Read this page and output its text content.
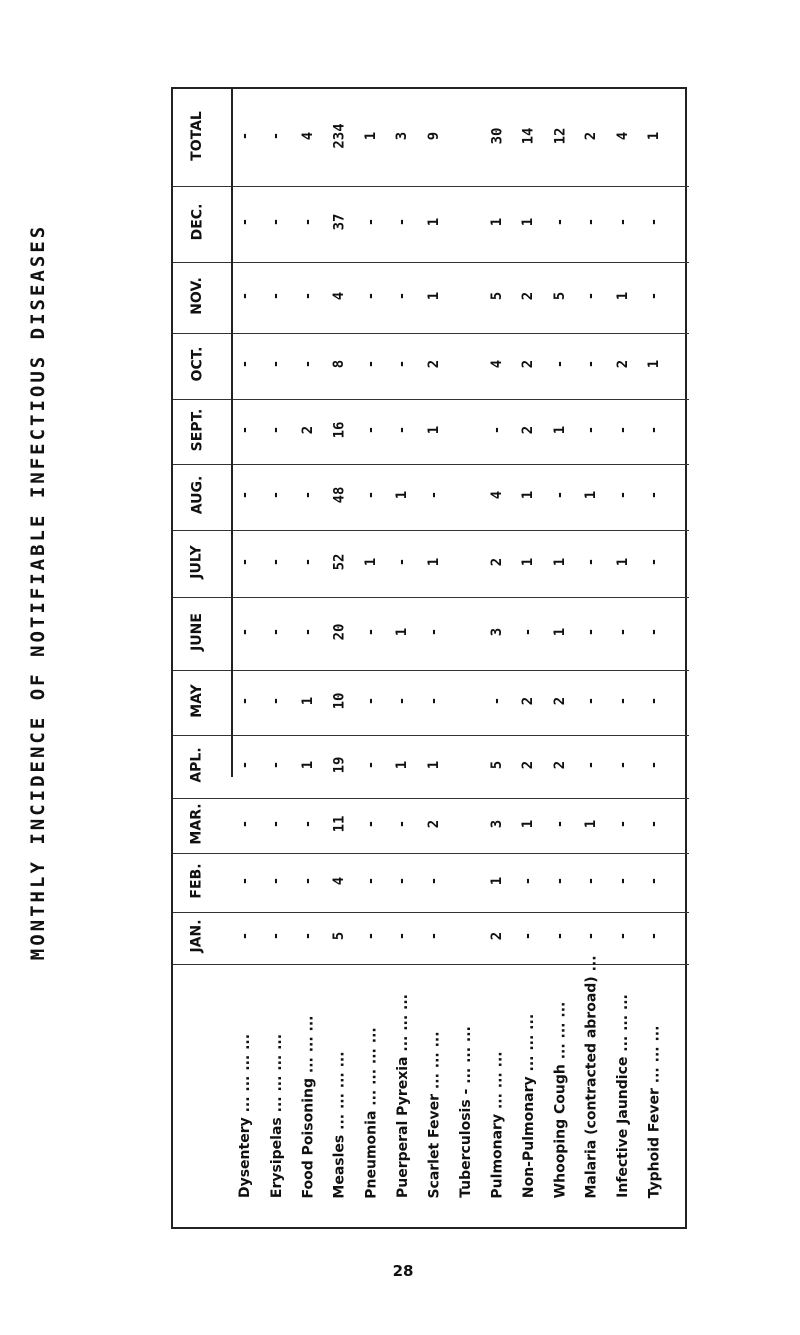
MONTHLY INCIDENCE OF NOTIFIABLE INFECTIOUS DISEASES
28
TOTAL
DEC.
NOV.
OCT.
SEPT.
AUG.
JULY
JUNE
MAY
APL.
MAR.
FEB.
JAN.
-
-
-
-
-
-
-
-
-
-
-
-
-
-
-
-
-
-
-
-
-
-
-
-
-
-
4
-
-
-
2
-
-
-
1
1
-
-
-
234
37
4
8
16
48
52
20
10
19
11
4
5
1
-
-
-
-
-
1
-
-
-
-
-
-
3
-
-
-
-
1
-
1
-
1
-
-
-
9
1
1
2
1
-
1
-
-
1
2
-
-
30
1
5
4
-
4
2
3
-
5
3
1
2
14
1
2
2
2
1
1
-
2
2
1
-
-
12
-
5
-
1
-
1
1
2
2
-
-
-
2
-
-
-
-
1
-
-
-
-
1
-
-
4
-
1
2
-
-
1
-
-
-
-
-
-
1
-
-
1
-
-
-
-
-
-
-
-
-
Dysentery ... ... ... ... Erysipelas ... ... ... ... Food Poisoning ... ... ... Measles ... ... ... ... Pneumonia ... ... ... ... Puerperal Pyrexia ... ... ... Scarlet Fever ... ... ... Tuberculosis - ... ... ... Pulmonary ... ... ... Non-Pulmonary ... ... ... Whooping Cough ... ... ... Malaria (contracted abroad) ... Infective Jaundice ... ... ... Typhoid Fever ... ... ...
